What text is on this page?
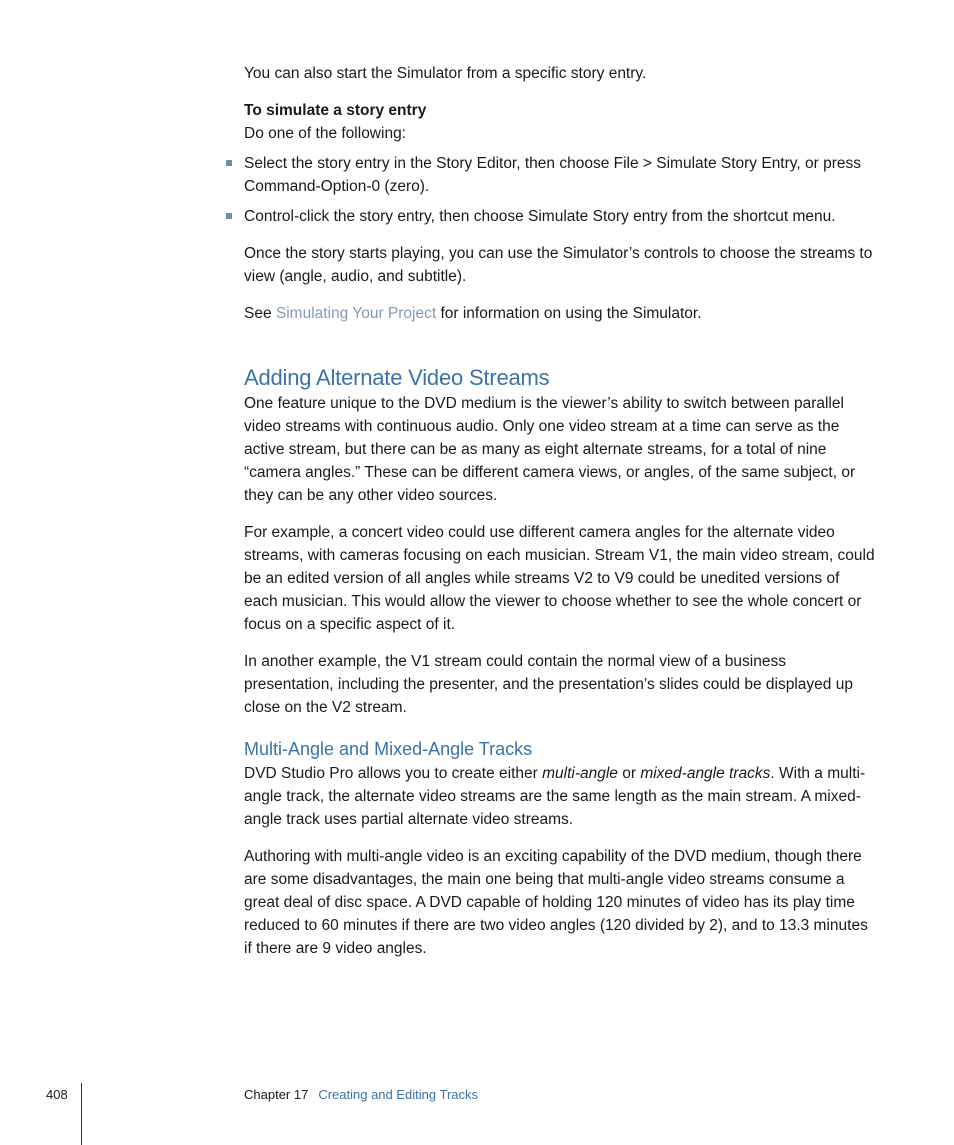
You can also start the Simulator from a specific story entry.

To simulate a story entry

Do one of the following:

Select the story entry in the Story Editor, then choose File > Simulate Story Entry, or press Command-Option-0 (zero).

Control-click the story entry, then choose Simulate Story entry from the shortcut menu.

Once the story starts playing, you can use the Simulator’s controls to choose the streams to view (angle, audio, and subtitle).

See Simulating Your Project for information on using the Simulator.

Adding Alternate Video Streams

One feature unique to the DVD medium is the viewer’s ability to switch between parallel video streams with continuous audio. Only one video stream at a time can serve as the active stream, but there can be as many as eight alternate streams, for a total of nine “camera angles.” These can be different camera views, or angles, of the same subject, or they can be any other video sources.

For example, a concert video could use different camera angles for the alternate video streams, with cameras focusing on each musician. Stream V1, the main video stream, could be an edited version of all angles while streams V2 to V9 could be unedited versions of each musician. This would allow the viewer to choose whether to see the whole concert or focus on a specific aspect of it.

In another example, the V1 stream could contain the normal view of a business presentation, including the presenter, and the presentation’s slides could be displayed up close on the V2 stream.

Multi-Angle and Mixed-Angle Tracks

DVD Studio Pro allows you to create either multi-angle or mixed-angle tracks. With a multi-angle track, the alternate video streams are the same length as the main stream. A mixed-angle track uses partial alternate video streams.

Authoring with multi-angle video is an exciting capability of the DVD medium, though there are some disadvantages, the main one being that multi-angle video streams consume a great deal of disc space. A DVD capable of holding 120 minutes of video has its play time reduced to 60 minutes if there are two video angles (120 divided by 2), and to 13.3 minutes if there are 9 video angles.

408	Chapter 17 Creating and Editing Tracks
